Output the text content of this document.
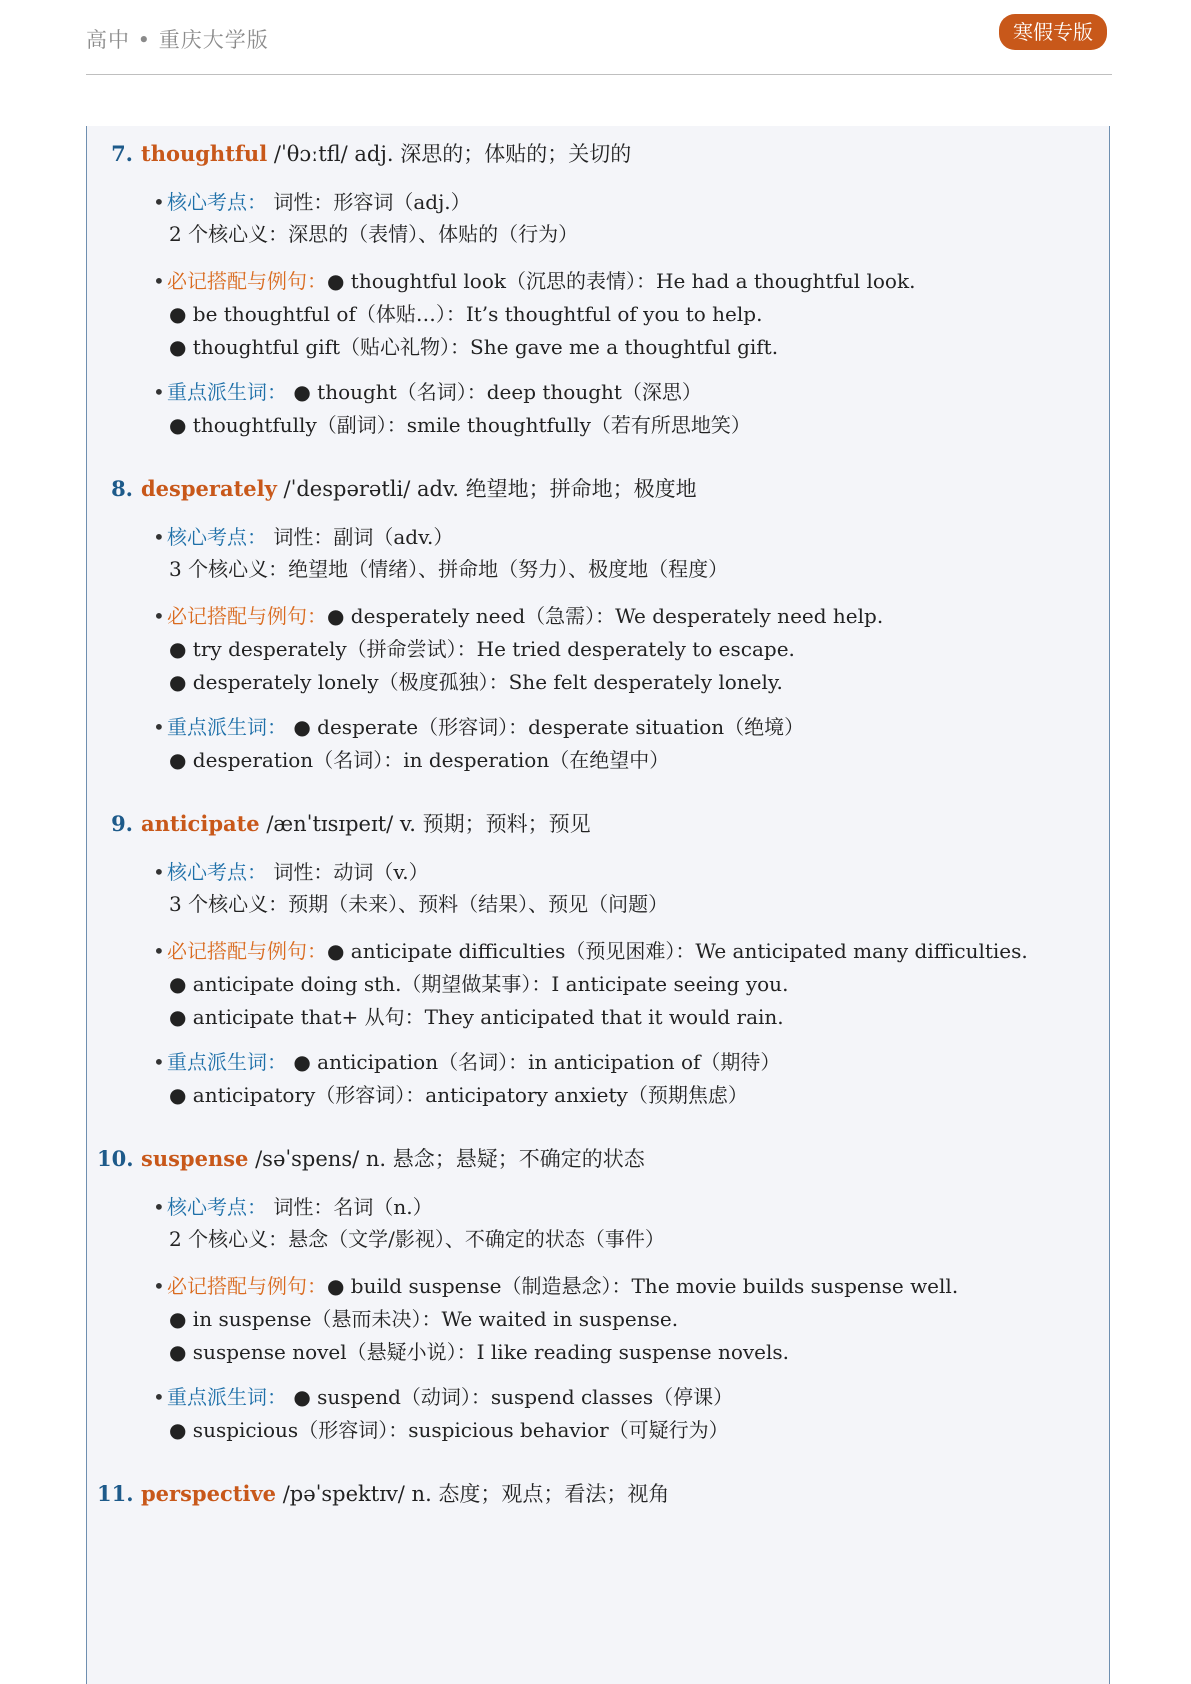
高中 • 重庆大学版	寒假专版
7. thoughtful /ˈθɔːtfl/ adj. 深思的；体贴的；关切的
• 核心考点： 词性：形容词（adj.）
2 个核心义：深思的（表情）、体贴的（行为）
• 必记搭配与例句：● thoughtful look（沉思的表情）：He had a thoughtful look.
● be thoughtful of（体贴…）：It’s thoughtful of you to help.
● thoughtful gift（贴心礼物）：She gave me a thoughtful gift.
• 重点派生词： ● thought（名词）：deep thought（深思）
● thoughtfully（副词）：smile thoughtfully（若有所思地笑）
8. desperately /ˈdespərətli/ adv. 绝望地；拼命地；极度地
• 核心考点： 词性：副词（adv.）
3 个核心义：绝望地（情绪）、拼命地（努力）、极度地（程度）
• 必记搭配与例句：● desperately need（急需）：We desperately need help.
● try desperately（拼命尝试）：He tried desperately to escape.
● desperately lonely（极度孤独）：She felt desperately lonely.
• 重点派生词： ● desperate（形容词）：desperate situation（绝境）
● desperation（名词）：in desperation（在绝望中）
9. anticipate /ænˈtɪsɪpeɪt/ v. 预期；预料；预见
• 核心考点： 词性：动词（v.）
3 个核心义：预期（未来）、预料（结果）、预见（问题）
• 必记搭配与例句：● anticipate difficulties（预见困难）：We anticipated many difficulties.
● anticipate doing sth.（期望做某事）：I anticipate seeing you.
● anticipate that+ 从句：They anticipated that it would rain.
• 重点派生词： ● anticipation（名词）：in anticipation of（期待）
● anticipatory（形容词）：anticipatory anxiety（预期焦虑）
10. suspense /səˈspens/ n. 悬念；悬疑；不确定的状态
• 核心考点： 词性：名词（n.）
2 个核心义：悬念（文学/影视）、不确定的状态（事件）
• 必记搭配与例句：● build suspense（制造悬念）：The movie builds suspense well.
● in suspense（悬而未决）：We waited in suspense.
● suspense novel（悬疑小说）：I like reading suspense novels.
• 重点派生词： ● suspend（动词）：suspend classes（停课）
● suspicious（形容词）：suspicious behavior（可疑行为）
11. perspective /pəˈspektɪv/ n. 态度；观点；看法；视角
